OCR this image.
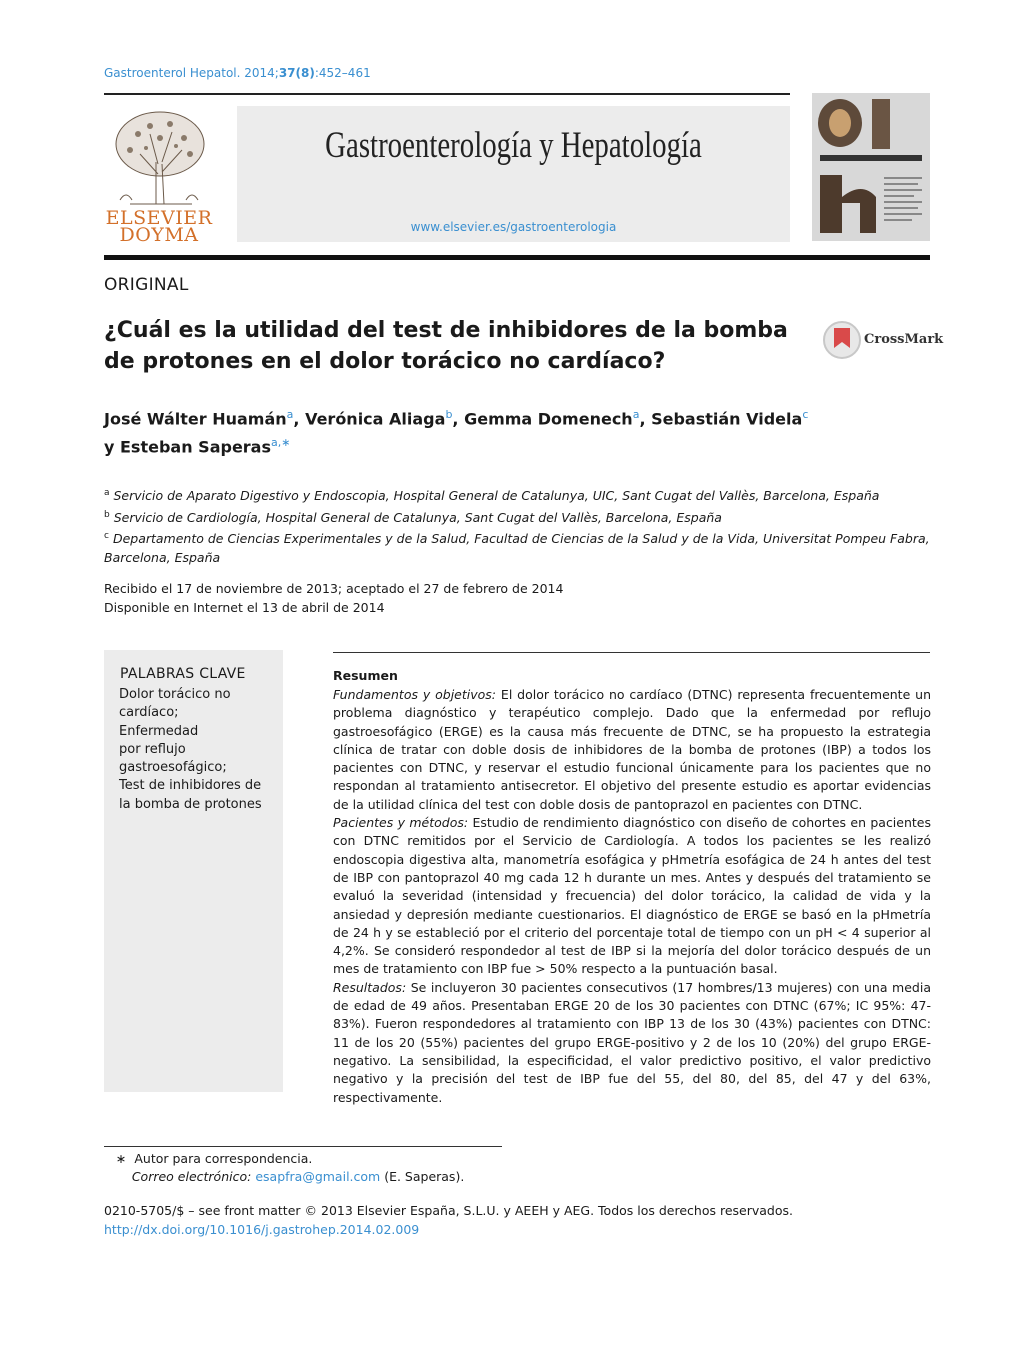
Gastroenterol Hepatol. 2014;37(8):452–461
ELSEVIER
DOYMA
Gastroenterología y Hepatología
www.elsevier.es/gastroenterologia
ORIGINAL
¿Cuál es la utilidad del test de inhibidores de la bomba
de protones en el dolor torácico no cardíaco?
CrossMark
José Wálter Huamán$^a$, Verónica Aliaga$^b$, Gemma Domenech$^a$, Sebastián Videla$^c$
y Esteban Saperas$^{a,∗}$
$^a$ Servicio de Aparato Digestivo y Endoscopia, Hospital General de Catalunya, UIC, Sant Cugat del Vallès, Barcelona, España
$^b$ Servicio de Cardiología, Hospital General de Catalunya, Sant Cugat del Vallès, Barcelona, España
$^c$ Departamento de Ciencias Experimentales y de la Salud, Facultad de Ciencias de la Salud y de la Vida, Universitat Pompeu Fabra, Barcelona, España
Recibido el 17 de noviembre de 2013; aceptado el 27 de febrero de 2014
Disponible en Internet el 13 de abril de 2014
PALABRAS CLAVE
Dolor torácico no
cardíaco;
Enfermedad
por reflujo
gastroesofágico;
Test de inhibidores de
la bomba de protones
Resumen

Fundamentos y objetivos: El dolor torácico no cardíaco (DTNC) representa frecuentemente un problema diagnóstico y terapéutico complejo. Dado que la enfermedad por reflujo gastroesofágico (ERGE) es la causa más frecuente de DTNC, se ha propuesto la estrategia clínica de tratar con doble dosis de inhibidores de la bomba de protones (IBP) a todos los pacientes con DTNC, y reservar el estudio funcional únicamente para los pacientes que no respondan al tratamiento antisecretor. El objetivo del presente estudio es aportar evidencias de la utilidad clínica del test con doble dosis de pantoprazol en pacientes con DTNC.

Pacientes y métodos: Estudio de rendimiento diagnóstico con diseño de cohortes en pacientes con DTNC remitidos por el Servicio de Cardiología. A todos los pacientes se les realizó endoscopia digestiva alta, manometría esofágica y pHmetría esofágica de 24 h antes del test de IBP con pantoprazol 40 mg cada 12 h durante un mes. Antes y después del tratamiento se evaluó la severidad (intensidad y frecuencia) del dolor torácico, la calidad de vida y la ansiedad y depresión mediante cuestionarios. El diagnóstico de ERGE se basó en la pHmetría de 24 h y se estableció por el criterio del porcentaje total de tiempo con un pH < 4 superior al 4,2%. Se consideró respondedor al test de IBP si la mejoría del dolor torácico después de un mes de tratamiento con IBP fue > 50% respecto a la puntuación basal.

Resultados: Se incluyeron 30 pacientes consecutivos (17 hombres/13 mujeres) con una media de edad de 49 años. Presentaban ERGE 20 de los 30 pacientes con DTNC (67%; IC 95%: 47-83%). Fueron respondedores al tratamiento con IBP 13 de los 30 (43%) pacientes con DTNC: 11 de los 20 (55%) pacientes del grupo ERGE-positivo y 2 de los 10 (20%) del grupo ERGE-negativo. La sensibilidad, la especificidad, el valor predictivo positivo, el valor predictivo negativo y la precisión del test de IBP fue del 55, del 80, del 85, del 47 y del 63%, respectivamente.

∗ Autor para correspondencia.
Correo electrónico: esapfra@gmail.com (E. Saperas).
0210-5705/$ – see front matter © 2013 Elsevier España, S.L.U. y AEEH y AEG. Todos los derechos reservados.
http://dx.doi.org/10.1016/j.gastrohep.2014.02.009
